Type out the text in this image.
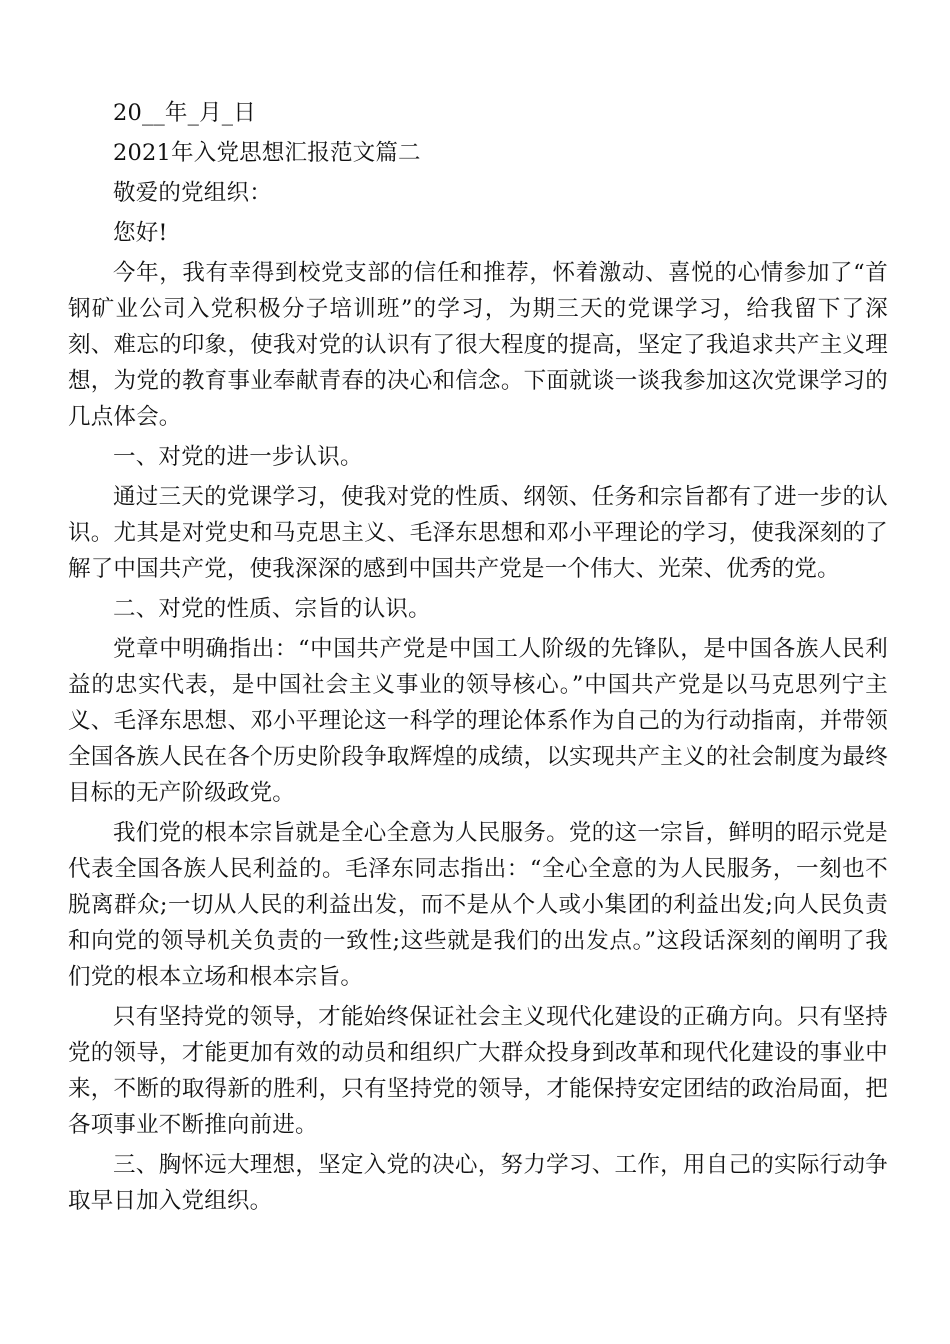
20__年_月_日

2021年入党思想汇报范文篇二

敬爱的党组织：

您好!

今年，我有幸得到校党支部的信任和推荐，怀着激动、喜悦的心情参加了“首钢矿业公司入党积极分子培训班”的学习，为期三天的党课学习，给我留下了深刻、难忘的印象，使我对党的认识有了很大程度的提高，坚定了我追求共产主义理想，为党的教育事业奉献青春的决心和信念。下面就谈一谈我参加这次党课学习的几点体会。

一、对党的进一步认识。

通过三天的党课学习，使我对党的性质、纲领、任务和宗旨都有了进一步的认识。尤其是对党史和马克思主义、毛泽东思想和邓小平理论的学习，使我深刻的了解了中国共产党，使我深深的感到中国共产党是一个伟大、光荣、优秀的党。

二、对党的性质、宗旨的认识。

党章中明确指出：“中国共产党是中国工人阶级的先锋队，是中国各族人民利益的忠实代表，是中国社会主义事业的领导核心。”中国共产党是以马克思列宁主义、毛泽东思想、邓小平理论这一科学的理论体系作为自己的为行动指南，并带领全国各族人民在各个历史阶段争取辉煌的成绩，以实现共产主义的社会制度为最终目标的无产阶级政党。

我们党的根本宗旨就是全心全意为人民服务。党的这一宗旨，鲜明的昭示党是代表全国各族人民利益的。毛泽东同志指出：“全心全意的为人民服务，一刻也不脱离群众;一切从人民的利益出发，而不是从个人或小集团的利益出发;向人民负责和向党的领导机关负责的一致性;这些就是我们的出发点。”这段话深刻的阐明了我们党的根本立场和根本宗旨。

只有坚持党的领导，才能始终保证社会主义现代化建设的正确方向。只有坚持党的领导，才能更加有效的动员和组织广大群众投身到改革和现代化建设的事业中来，不断的取得新的胜利，只有坚持党的领导，才能保持安定团结的政治局面，把各项事业不断推向前进。

三、胸怀远大理想，坚定入党的决心，努力学习、工作，用自己的实际行动争取早日加入党组织。
